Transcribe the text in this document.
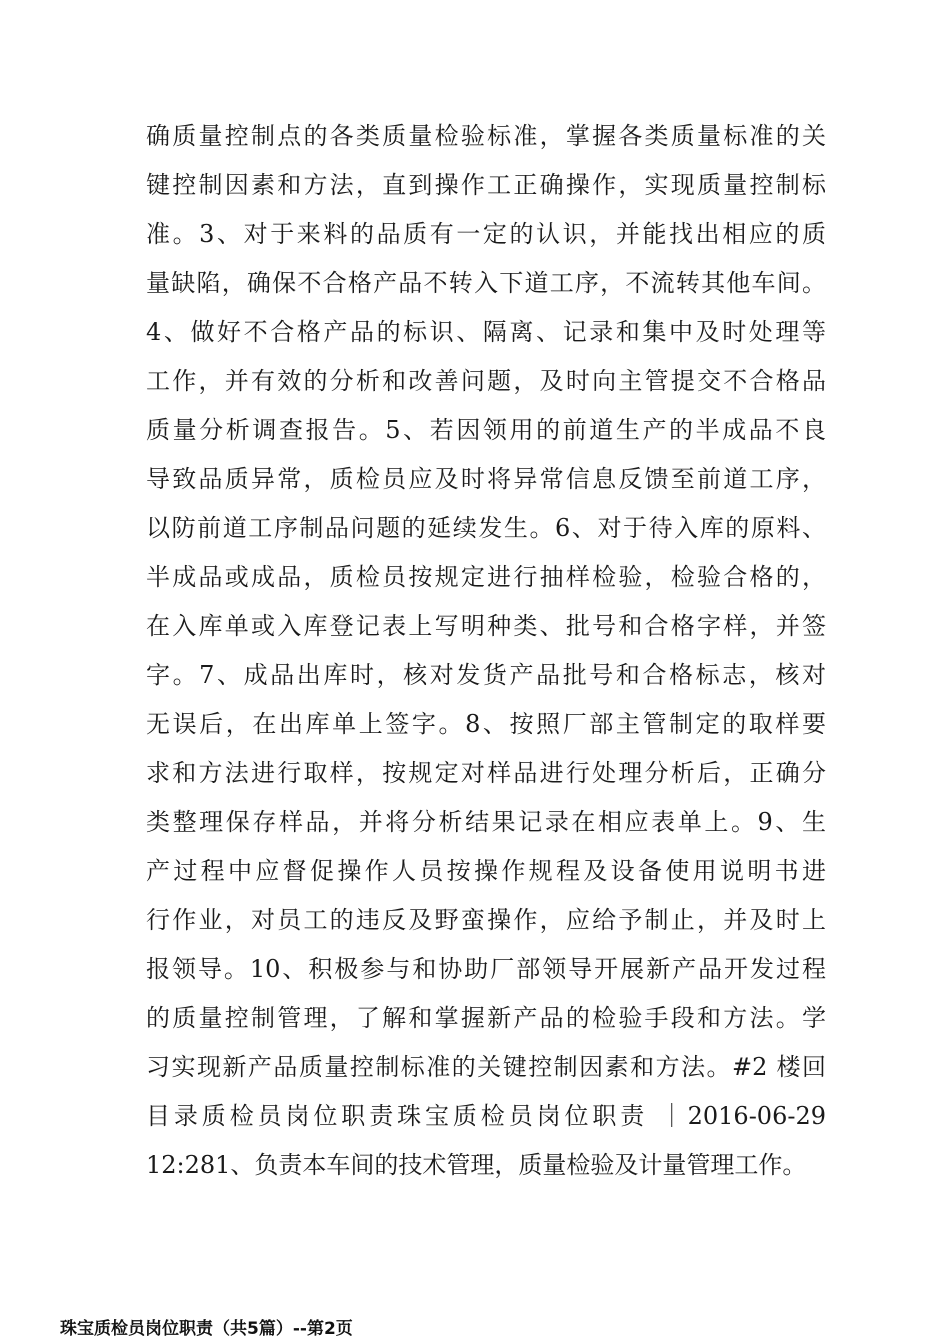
确质量控制点的各类质量检验标准，掌握各类质量标准的关
键控制因素和方法，直到操作工正确操作，实现质量控制标
准。3、对于来料的品质有一定的认识，并能找出相应的质
量缺陷，确保不合格产品不转入下道工序，不流转其他车间。
4、做好不合格产品的标识、隔离、记录和集中及时处理等
工作，并有效的分析和改善问题，及时向主管提交不合格品
质量分析调查报告。5、若因领用的前道生产的半成品不良
导致品质异常，质检员应及时将异常信息反馈至前道工序，
以防前道工序制品问题的延续发生。6、对于待入库的原料、
半成品或成品，质检员按规定进行抽样检验，检验合格的，
在入库单或入库登记表上写明种类、批号和合格字样，并签
字。7、成品出库时，核对发货产品批号和合格标志，核对
无误后，在出库单上签字。8、按照厂部主管制定的取样要
求和方法进行取样，按规定对样品进行处理分析后，正确分
类整理保存样品，并将分析结果记录在相应表单上。9、生
产过程中应督促操作人员按操作规程及设备使用说明书进
行作业，对员工的违反及野蛮操作，应给予制止，并及时上
报领导。10、积极参与和协助厂部领导开展新产品开发过程
的质量控制管理，了解和掌握新产品的检验手段和方法。学
习实现新产品质量控制标准的关键控制因素和方法。#2 楼回
目录质检员岗位职责珠宝质检员岗位职责 ｜2016-06-29
12:281、负责本车间的技术管理，质量检验及计量管理工作。
珠宝质检员岗位职责（共5篇）--第2页
